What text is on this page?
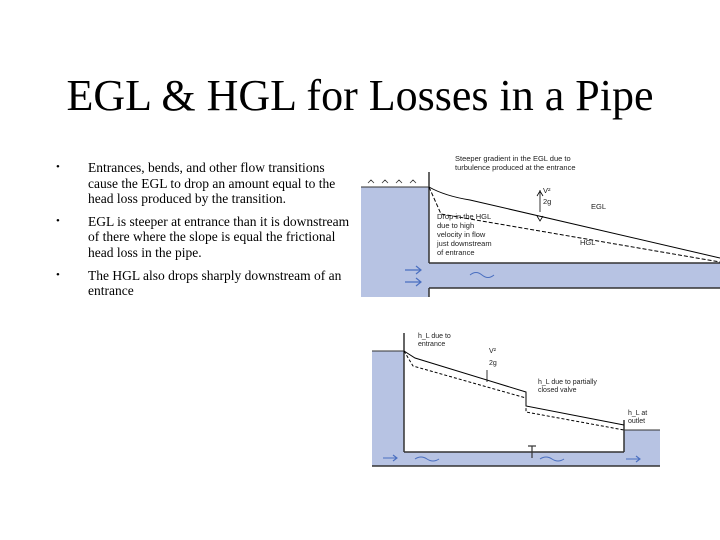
EGL & HGL for Losses in a Pipe
• Entrances, bends, and other flow transitions cause the EGL to drop an amount equal to the head loss produced by the transition.
• EGL is steeper at entrance than it is downstream of there where the slope is equal the frictional head loss in the pipe.
• The HGL also drops sharply downstream of an entrance
Steeper gradient in the EGL due to
turbulence produced at the entrance
V²
2g
EGL
HGL
Drop in the HGL
due to high
velocity in flow
just downstream
of entrance
h_L due to
entrance
V²
2g
h_L due to partially
closed valve
h_L at
outlet
